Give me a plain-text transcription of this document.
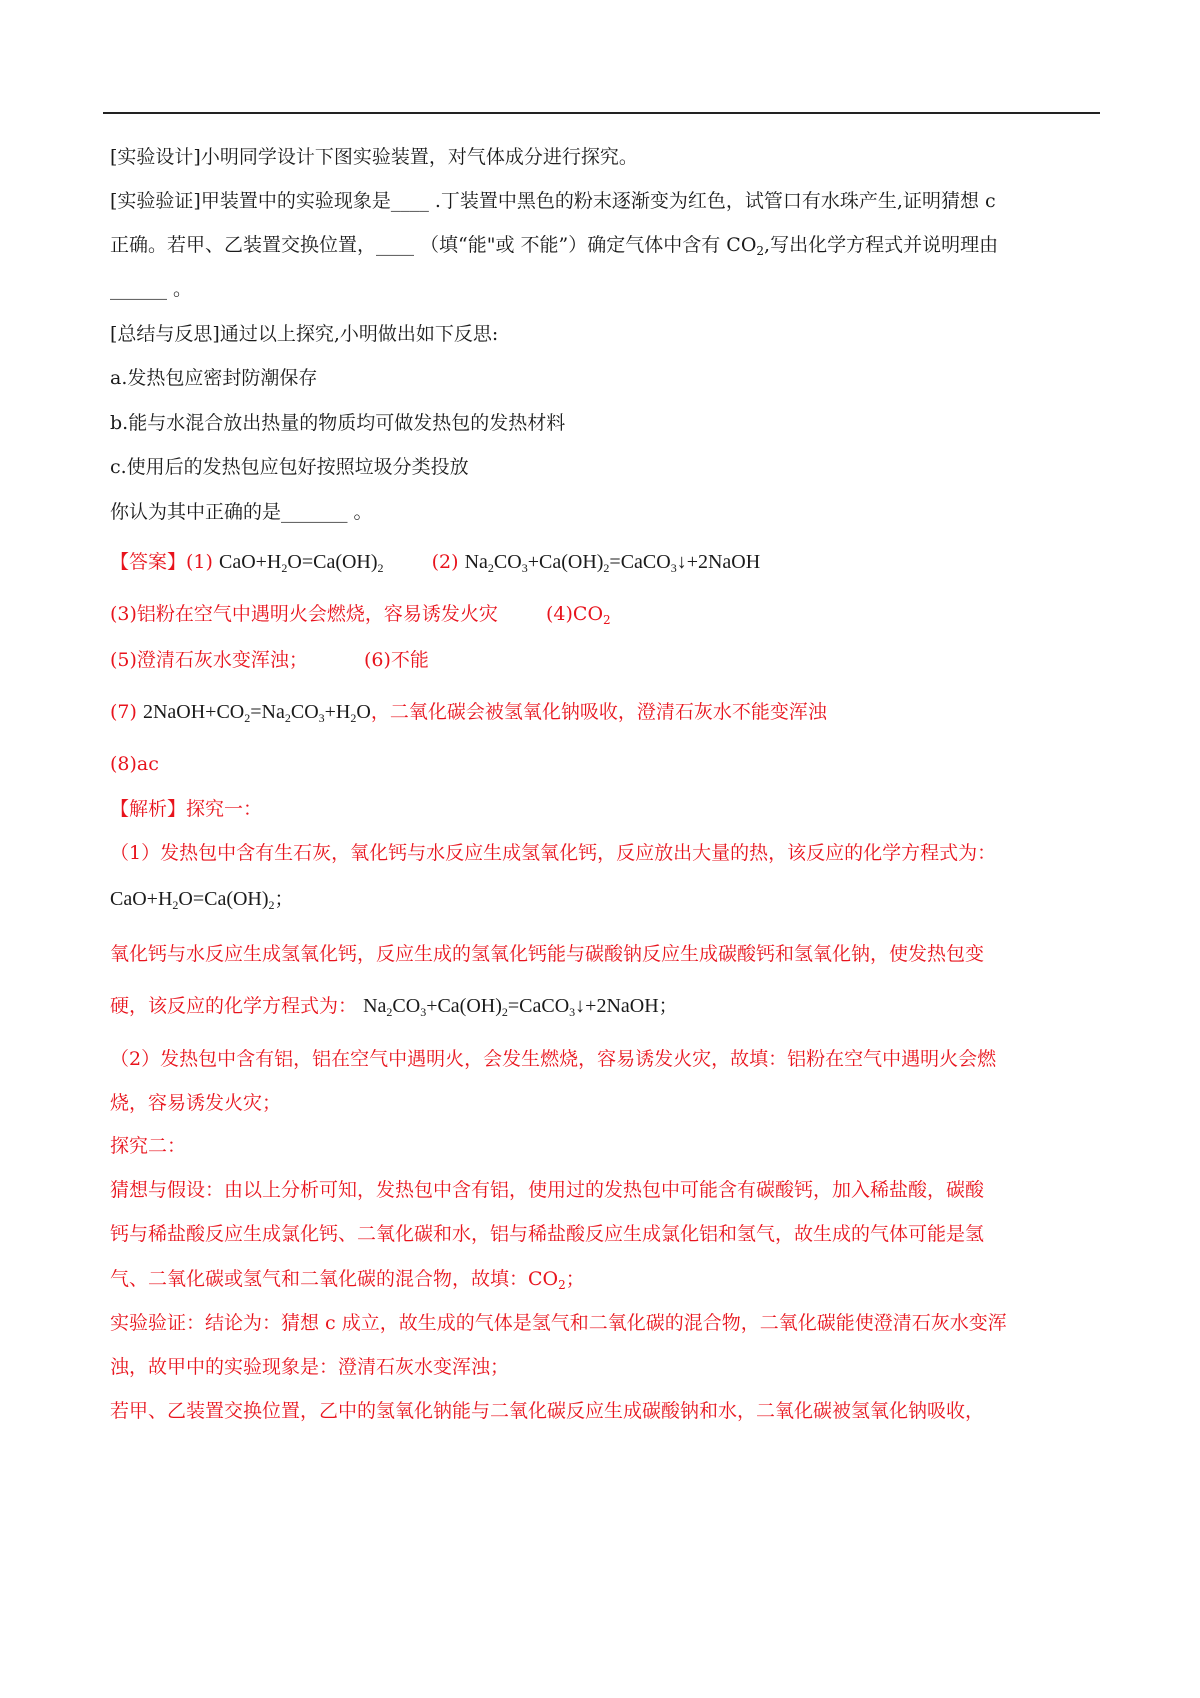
[实验设计]小明同学设计下图实验装置，对气体成分进行探究。
[实验验证]甲装置中的实验现象是____ .丁装置中黑色的粉末逐渐变为红色，试管口有水珠产生,证明猜想 c
正确。若甲、乙装置交换位置，____ （填“能"或 不能”）确定气体中含有 $CO_2$,写出化学方程式并说明理由
______ 。
[总结与反思]通过以上探究,小明做出如下反思:
a.发热包应密封防潮保存
b.能与水混合放出热量的物质均可做发热包的发热材料
c.使用后的发热包应包好按照垃圾分类投放
你认为其中正确的是_______ 。
【答案】(1) $CaO+H_2O=Ca(OH)_2$	(2) $Na_2CO_3+Ca(OH)_2=CaCO_3↓+2NaOH$
(3)铝粉在空气中遇明火会燃烧，容易诱发火灾	$(4)CO_2$
(5)澄清石灰水变浑浊；	(6)不能
(7) $2NaOH+CO_2=Na_2CO_3+H_2O$，二氧化碳会被氢氧化钠吸收，澄清石灰水不能变浑浊
(8)ac
【解析】探究一：
（1）发热包中含有生石灰，氧化钙与水反应生成氢氧化钙，反应放出大量的热，该反应的化学方程式为：
$CaO+H_2O=Ca(OH)_2$；
氧化钙与水反应生成氢氧化钙，反应生成的氢氧化钙能与碳酸钠反应生成碳酸钙和氢氧化钠，使发热包变
硬，该反应的化学方程式为： $Na_2CO_3+Ca(OH)_2=CaCO_3↓+2NaOH$；
（2）发热包中含有铝，铝在空气中遇明火，会发生燃烧，容易诱发火灾，故填：铝粉在空气中遇明火会燃
烧，容易诱发火灾；
探究二：
猜想与假设：由以上分析可知，发热包中含有铝，使用过的发热包中可能含有碳酸钙，加入稀盐酸，碳酸
钙与稀盐酸反应生成氯化钙、二氧化碳和水，铝与稀盐酸反应生成氯化铝和氢气，故生成的气体可能是氢
气、二氧化碳或氢气和二氧化碳的混合物，故填：$CO_2$；
实验验证：结论为：猜想 c 成立，故生成的气体是氢气和二氧化碳的混合物，二氧化碳能使澄清石灰水变浑
浊，故甲中的实验现象是：澄清石灰水变浑浊；
若甲、乙装置交换位置，乙中的氢氧化钠能与二氧化碳反应生成碳酸钠和水，二氧化碳被氢氧化钠吸收，
